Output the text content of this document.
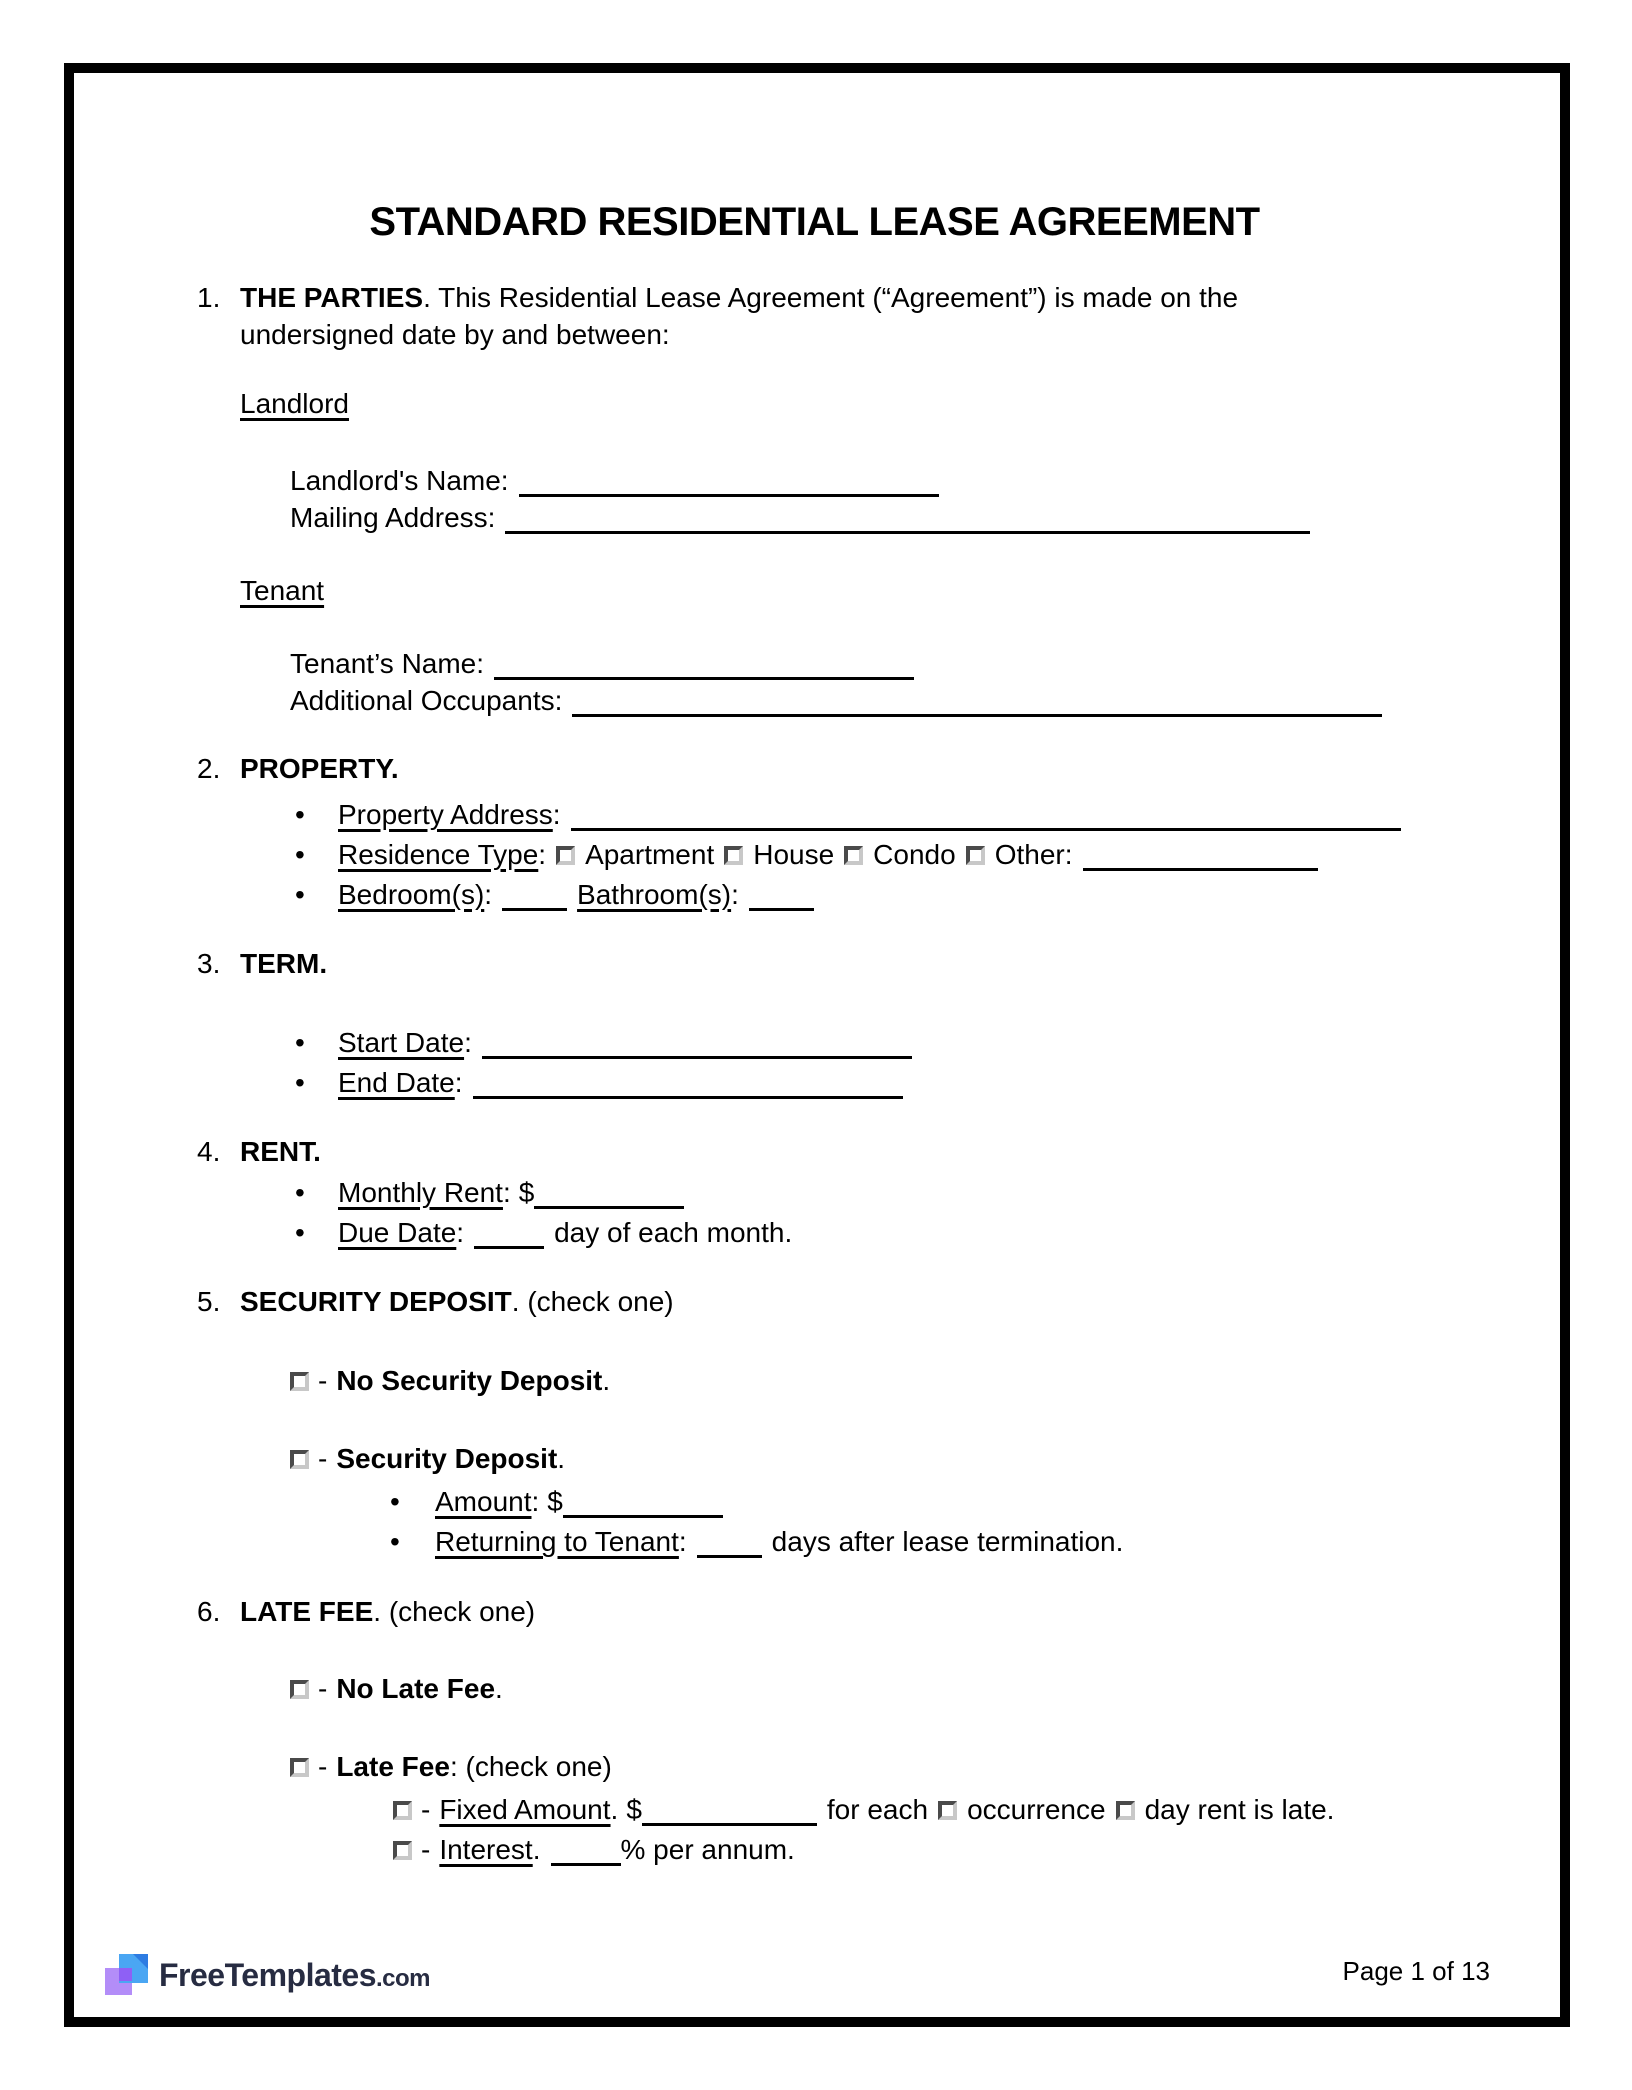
STANDARD RESIDENTIAL LEASE AGREEMENT
1. THE PARTIES. This Residential Lease Agreement (“Agreement”) is made on the
undersigned date by and between:

Landlord

Landlord's Name:

Mailing Address:

Tenant

Tenant’s Name:

Additional Occupants:

2. PROPERTY.

•	Property Address:
•	Residence Type: Apartment House Condo Other:
•	Bedroom(s):	Bathroom(s):
3. TERM.

•	Start Date:
•	End Date:
4. RENT.

•	Monthly Rent: $
•	Due Date:	day of each month.
5. SECURITY DEPOSIT. (check one)

- No Security Deposit.

- Security Deposit.

•	Amount: $
•	Returning to Tenant:	days after lease termination.
6. LATE FEE. (check one)

- No Late Fee.

- Late Fee: (check one)

- Fixed Amount. $	for each occurrence day rent is late.

- Interest.	% per annum.

FreeTemplates.com	Page 1 of 13
